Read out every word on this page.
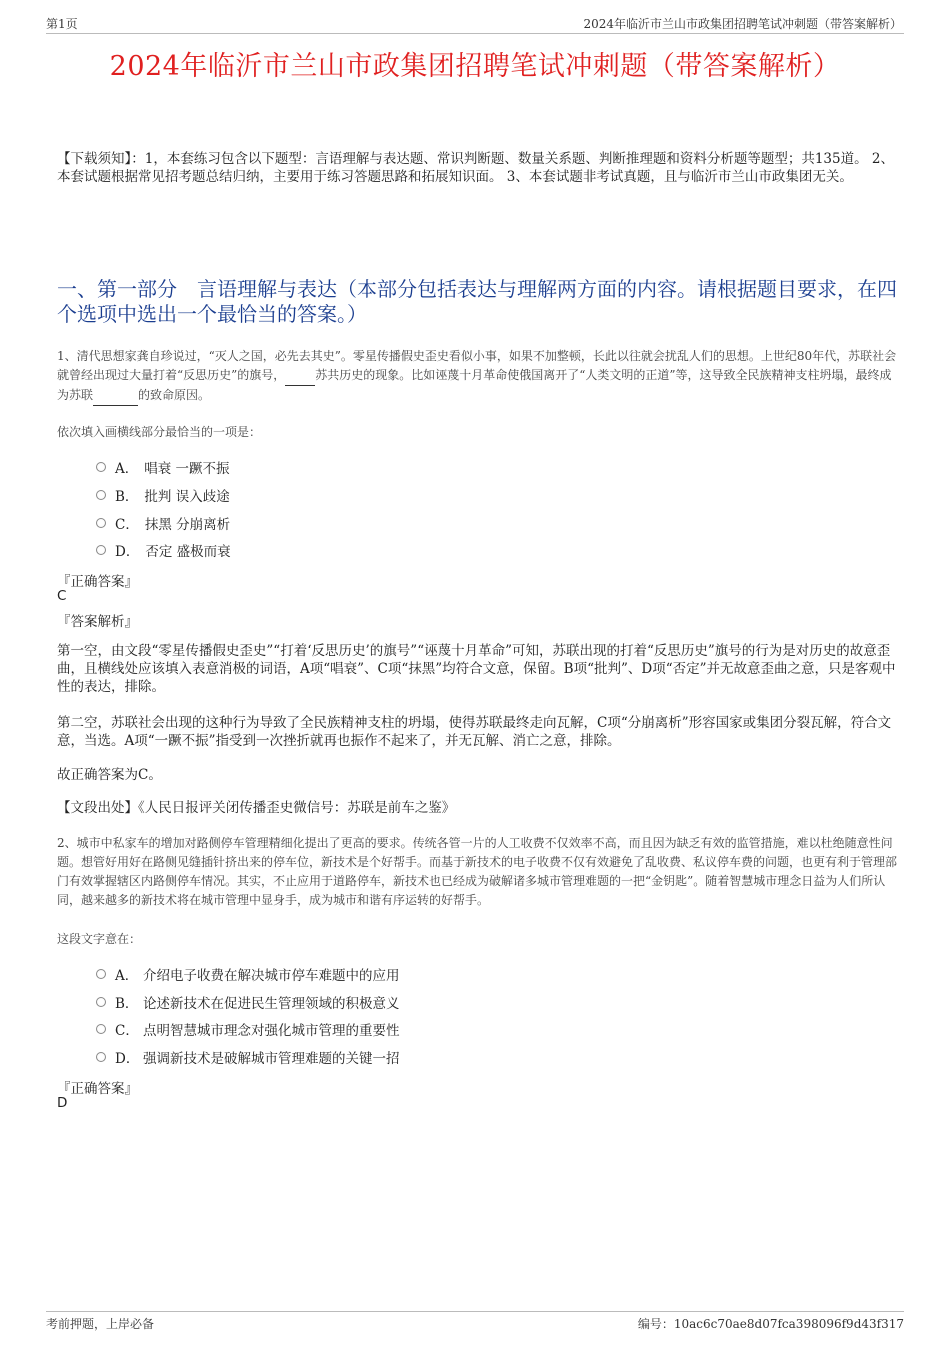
第1页	2024年临沂市兰山市政集团招聘笔试冲刺题（带答案解析）
2024年临沂市兰山市政集团招聘笔试冲刺题（带答案解析）
【下载须知】：1，本套练习包含以下题型：言语理解与表达题、常识判断题、数量关系题、判断推理题和资料分析题等题型；共135道。 2、本套试题根据常见招考题总结归纳，主要用于练习答题思路和拓展知识面。 3、本套试题非考试真题，且与临沂市兰山市政集团无关。
一、第一部分　言语理解与表达（本部分包括表达与理解两方面的内容。请根据题目要求，在四个选项中选出一个最恰当的答案。）
1、清代思想家龚自珍说过，“灭人之国，必先去其史”。零星传播假史歪史看似小事，如果不加整顿，长此以往就会扰乱人们的思想。上世纪80年代，苏联社会就曾经出现过大量打着“反思历史”的旗号，	苏共历史的现象。比如诬蔑十月革命使俄国离开了“人类文明的正道”等，这导致全民族精神支柱坍塌，最终成为苏联	的致命原因。
依次填入画横线部分最恰当的一项是：
A． 唱衰 一蹶不振
B． 批判 误入歧途
C． 抹黑 分崩离析
D． 否定 盛极而衰
『正确答案』
C
『答案解析』
第一空，由文段“零星传播假史歪史”“打着‘反思历史’的旗号”“诬蔑十月革命”可知，苏联出现的打着“反思历史”旗号的行为是对历史的故意歪曲，且横线处应该填入表意消极的词语，A项“唱衰”、C项“抹黑”均符合文意，保留。B项“批判”、D项“否定”并无故意歪曲之意，只是客观中性的表达，排除。
第二空，苏联社会出现的这种行为导致了全民族精神支柱的坍塌，使得苏联最终走向瓦解，C项“分崩离析”形容国家或集团分裂瓦解，符合文意，当选。A项“一蹶不振”指受到一次挫折就再也振作不起来了，并无瓦解、消亡之意，排除。
故正确答案为C。
【文段出处】《人民日报评关闭传播歪史微信号：苏联是前车之鉴》
2、城市中私家车的增加对路侧停车管理精细化提出了更高的要求。传统各管一片的人工收费不仅效率不高，而且因为缺乏有效的监管措施，难以杜绝随意性问题。想管好用好在路侧见缝插针挤出来的停车位，新技术是个好帮手。而基于新技术的电子收费不仅有效避免了乱收费、私议停车费的问题，也更有利于管理部门有效掌握辖区内路侧停车情况。其实，不止应用于道路停车，新技术也已经成为破解诸多城市管理难题的一把“金钥匙”。随着智慧城市理念日益为人们所认同，越来越多的新技术将在城市管理中显身手，成为城市和谐有序运转的好帮手。
这段文字意在：
A． 介绍电子收费在解决城市停车难题中的应用
B． 论述新技术在促进民生管理领域的积极意义
C． 点明智慧城市理念对强化城市管理的重要性
D． 强调新技术是破解城市管理难题的关键一招
『正确答案』
D
考前押题，上岸必备	编号：10ac6c70ae8d07fca398096f9d43f317
